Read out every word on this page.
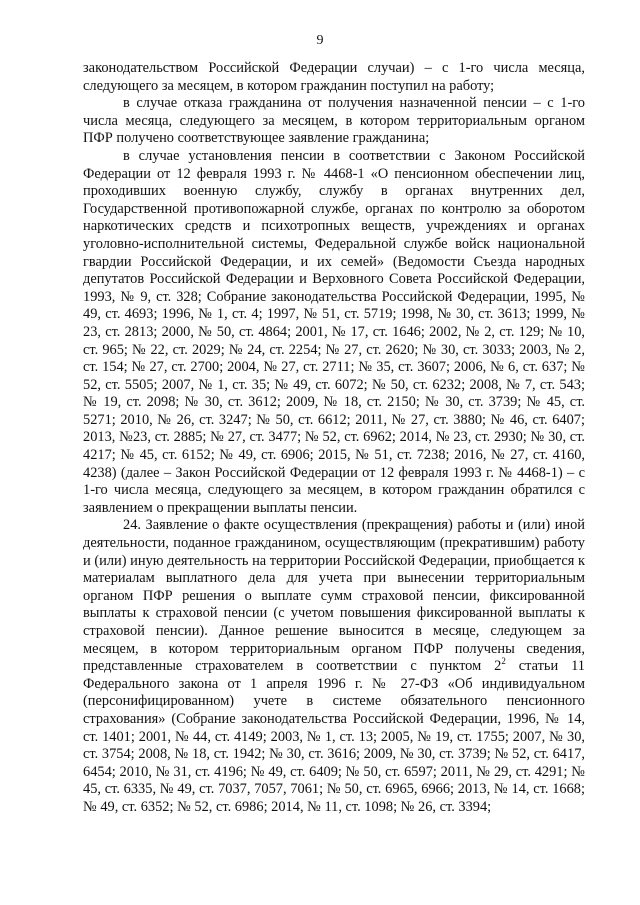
9

законодательством Российской Федерации случаи) – с 1-го числа месяца, следующего за месяцем, в котором гражданин поступил на работу;

в случае отказа гражданина от получения назначенной пенсии – с 1-го числа месяца, следующего за месяцем, в котором территориальным органом ПФР получено соответствующее заявление гражданина;

в случае установления пенсии в соответствии с Законом Российской Федерации от 12 февраля 1993 г. № 4468-1 «О пенсионном обеспечении лиц, проходивших военную службу, службу в органах внутренних дел, Государственной противопожарной службе, органах по контролю за оборотом наркотических средств и психотропных веществ, учреждениях и органах уголовно-исполнительной системы, Федеральной службе войск национальной гвардии Российской Федерации, и их семей» (Ведомости Съезда народных депутатов Российской Федерации и Верховного Совета Российской Федерации, 1993, № 9, ст. 328; Собрание законодательства Российской Федерации, 1995, № 49, ст. 4693; 1996, № 1, ст. 4; 1997, № 51, ст. 5719; 1998, № 30, ст. 3613; 1999, № 23, ст. 2813; 2000, № 50, ст. 4864; 2001, № 17, ст. 1646; 2002, № 2, ст. 129; № 10, ст. 965; № 22, ст. 2029; № 24, ст. 2254; № 27, ст. 2620; № 30, ст. 3033; 2003, № 2, ст. 154; № 27, ст. 2700; 2004, № 27, ст. 2711; № 35, ст. 3607; 2006, № 6, ст. 637; № 52, ст. 5505; 2007, № 1, ст. 35; № 49, ст. 6072; № 50, ст. 6232; 2008, № 7, ст. 543; № 19, ст. 2098; № 30, ст. 3612; 2009, № 18, ст. 2150; № 30, ст. 3739; № 45, ст. 5271; 2010, № 26, ст. 3247; № 50, ст. 6612; 2011, № 27, ст. 3880; № 46, ст. 6407; 2013, №23, ст. 2885; № 27, ст. 3477; № 52, ст. 6962; 2014, № 23, ст. 2930; № 30, ст. 4217; № 45, ст. 6152; № 49, ст. 6906; 2015, № 51, ст. 7238; 2016, № 27, ст. 4160, 4238) (далее – Закон Российской Федерации от 12 февраля 1993 г. № 4468-1) – с 1-го числа месяца, следующего за месяцем, в котором гражданин обратился с заявлением о прекращении выплаты пенсии.

24. Заявление о факте осуществления (прекращения) работы и (или) иной деятельности, поданное гражданином, осуществляющим (прекратившим) работу и (или) иную деятельность на территории Российской Федерации, приобщается к материалам выплатного дела для учета при вынесении территориальным органом ПФР решения о выплате сумм страховой пенсии, фиксированной выплаты к страховой пенсии (с учетом повышения фиксированной выплаты к страховой пенсии). Данное решение выносится в месяце, следующем за месяцем, в котором территориальным органом ПФР получены сведения, представленные страхователем в соответствии с пунктом $2^2$ статьи 11 Федерального закона от 1 апреля 1996 г. № 27-ФЗ «Об индивидуальном (персонифицированном) учете в системе обязательного пенсионного страхования» (Собрание законодательства Российской Федерации, 1996, № 14, ст. 1401; 2001, № 44, ст. 4149; 2003, № 1, ст. 13; 2005, № 19, ст. 1755; 2007, № 30, ст. 3754; 2008, № 18, ст. 1942; № 30, ст. 3616; 2009, № 30, ст. 3739; № 52, ст. 6417, 6454; 2010, № 31, ст. 4196; № 49, ст. 6409; № 50, ст. 6597; 2011, № 29, ст. 4291; № 45, ст. 6335, № 49, ст. 7037, 7057, 7061; № 50, ст. 6965, 6966; 2013, № 14, ст. 1668; № 49, ст. 6352; № 52, ст. 6986; 2014, № 11, ст. 1098; № 26, ст. 3394;
